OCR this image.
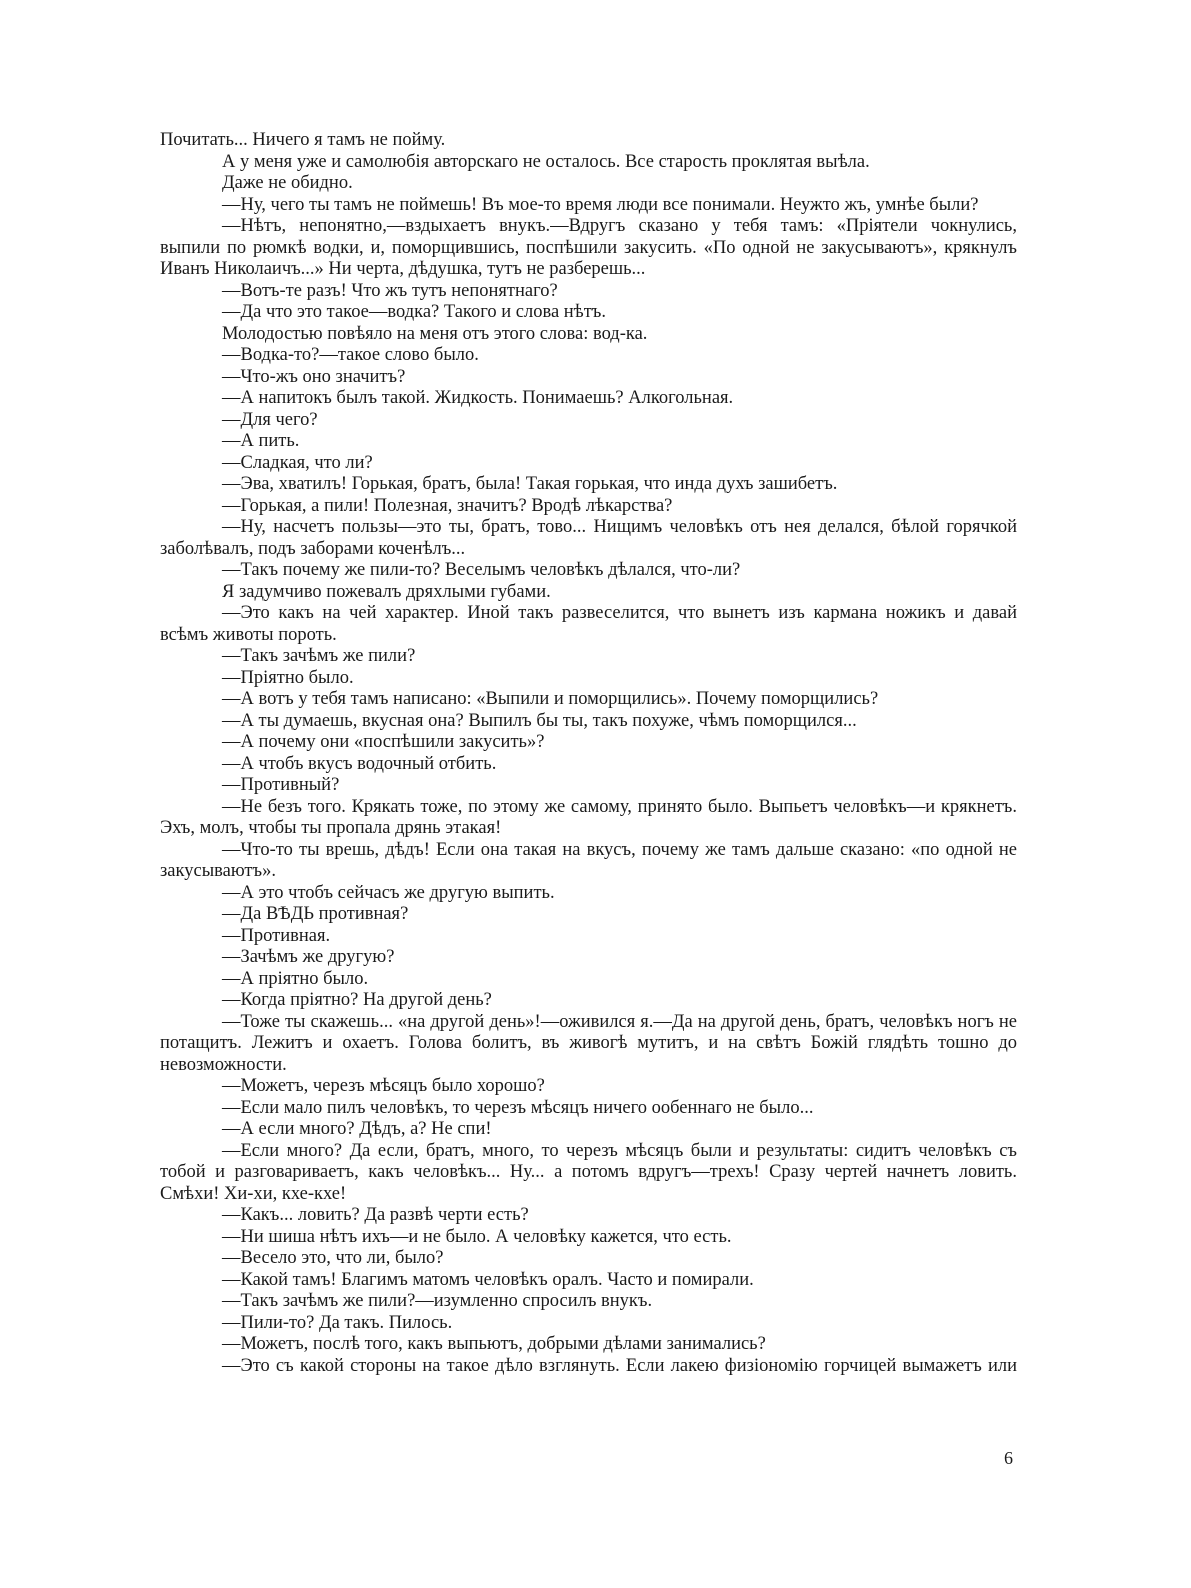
Почитать... Ничего я тамъ не пойму.
А у меня уже и самолюбія авторскаго не осталось. Все старость проклятая выѣла.
Даже не обидно.
—Ну, чего ты тамъ не поймешь! Въ мое-то время люди все понимали. Неужто жъ, умнѣе были?
—Нѣтъ, непонятно,—вздыхаетъ внукъ.—Вдругъ сказано у тебя тамъ: «Пріятели чокнулись,
выпили по рюмкѣ водки, и, поморщившись, поспѣшили закусить. «По одной не закусываютъ», крякнулъ
Иванъ Николаичъ...» Ни черта, дѣдушка, тутъ не разберешь...
—Вотъ-те разъ! Что жъ тутъ непонятнаго?
—Да что это такое—водка? Такого и слова нѣтъ.
Молодостью повѣяло на меня отъ этого слова: вод-ка.
—Водка-то?—такое слово было.
—Что-жъ оно значитъ?
—А напитокъ былъ такой. Жидкость. Понимаешь? Алкогольная.
—Для чего?
—А пить.
—Сладкая, что ли?
—Эва, хватилъ! Горькая, братъ, была! Такая горькая, что инда духъ зашибетъ.
—Горькая, а пили! Полезная, значитъ? Вродѣ лѣкарства?
—Ну, насчетъ пользы—это ты, братъ, тово... Нищимъ человѣкъ отъ нея делался, бѣлой горячкой
заболѣвалъ, подъ заборами коченѣлъ...
—Такъ почему же пили-то? Веселымъ человѣкъ дѣлался, что-ли?
Я задумчиво пожевалъ дряхлыми губами.
—Это какъ на чей характер. Иной такъ развеселится, что вынетъ изъ кармана ножикъ и давай
всѣмъ животы пороть.
—Такъ зачѣмъ же пили?
—Пріятно было.
—А вотъ у тебя тамъ написано: «Выпили и поморщились». Почему поморщились?
—А ты думаешь, вкусная она? Выпилъ бы ты, такъ похуже, чѣмъ поморщился...
—А почему они «поспѣшили закусить»?
—А чтобъ вкусъ водочный отбить.
—Противный?
—Не безъ того. Крякать тоже, по этому же самому, принято было. Выпьетъ человѣкъ—и крякнетъ.
Эхъ, молъ, чтобы ты пропала дрянь этакая!
—Что-то ты врешь, дѣдъ! Если она такая на вкусъ, почему же тамъ дальше сказано: «по одной не
закусываютъ».
—А это чтобъ сейчасъ же другую выпить.
—Да ВѢДЬ противная?
—Противная.
—Зачѣмъ же другую?
—А пріятно было.
—Когда пріятно? На другой день?
—Тоже ты скажешь... «на другой день»!—оживился я.—Да на другой день, братъ, человѣкъ ногъ не
потащитъ. Лежитъ и охаетъ. Голова болитъ, въ живогѣ мутитъ, и на свѣтъ Божій глядѣть тошно до
невозможности.
—Можетъ, черезъ мѣсяцъ было хорошо?
—Если мало пилъ человѣкъ, то черезъ мѣсяцъ ничего ообеннаго не было...
—А если много? Дѣдъ, а? Не спи!
—Если много? Да если, братъ, много, то черезъ мѣсяцъ были и результаты: сидитъ человѣкъ съ
тобой и разговариваетъ, какъ человѣкъ... Ну... а потомъ вдругъ—трехъ! Сразу чертей начнетъ ловить.
Смѣхи! Хи-хи, кхе-кхе!
—Какъ... ловить? Да развѣ черти есть?
—Ни шиша нѣтъ ихъ—и не было. А человѣку кажется, что есть.
—Весело это, что ли, было?
—Какой тамъ! Благимъ матомъ человѣкъ оралъ. Часто и помирали.
—Такъ зачѣмъ же пили?—изумленно спросилъ внукъ.
—Пили-то? Да такъ. Пилось.
—Можетъ, послѣ того, какъ выпьютъ, добрыми дѣлами занимались?
—Это съ какой стороны на такое дѣло взглянуть. Если лакею физіономію горчицей вымажетъ или
6
